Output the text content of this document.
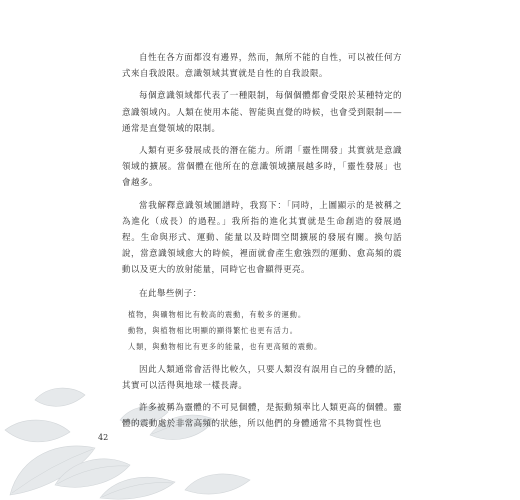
自性在各方面都沒有邊界，然而，無所不能的自性，可以被任何方式來自我設限。意識領域其實就是自性的自我設限。

每個意識領域都代表了一種限制，每個個體都會受限於某種特定的意識領域內。人類在使用本能、智能與直覺的時候，也會受到限制——通常是直覺領域的限制。

人類有更多發展成長的潛在能力。所謂「靈性開發」其實就是意識領域的擴展。當個體在他所在的意識領域擴展越多時，「靈性發展」也會越多。

當我解釋意識領域圖譜時，我寫下：「同時，上圖顯示的是被稱之為進化（成長）的過程。」我所指的進化其實就是生命創造的發展過程。生命與形式、運動、能量以及時間空間擴展的發展有關。換句話說，當意識領域愈大的時候，裡面就會產生愈強烈的運動、愈高頻的震動以及更大的放射能量，同時它也會顯得更亮。

在此舉些例子：

植物，與礦物相比有較高的震動，有較多的運動。

動物，與植物相比明顯的顯得繁忙也更有活力。

人類，與動物相比有更多的能量，也有更高頻的震動。

因此人類通常會活得比較久，只要人類沒有誤用自己的身體的話，其實可以活得與地球一樣長壽。

許多被稱為靈體的不可見個體，是振動頻率比人類更高的個體。靈體的震動處於非常高頻的狀態，所以他們的身體通常不具物質性也

42
